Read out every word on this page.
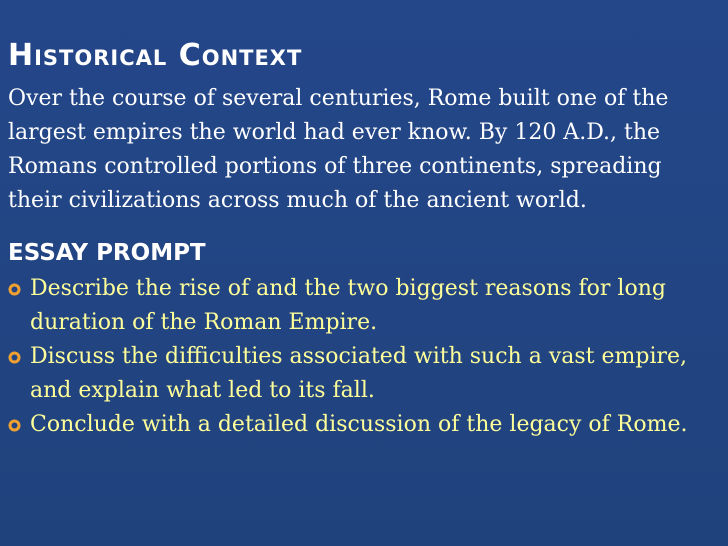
Historical Context

Over the course of several centuries, Rome built one of the largest empires the world had ever know. By 120 A.D., the Romans controlled portions of three continents, spreading their civilizations across much of the ancient world.

ESSAY PROMPT
Describe the rise of and the two biggest reasons for long duration of the Roman Empire.
Discuss the difficulties associated with such a vast empire, and explain what led to its fall.
Conclude with a detailed discussion of the legacy of Rome.
